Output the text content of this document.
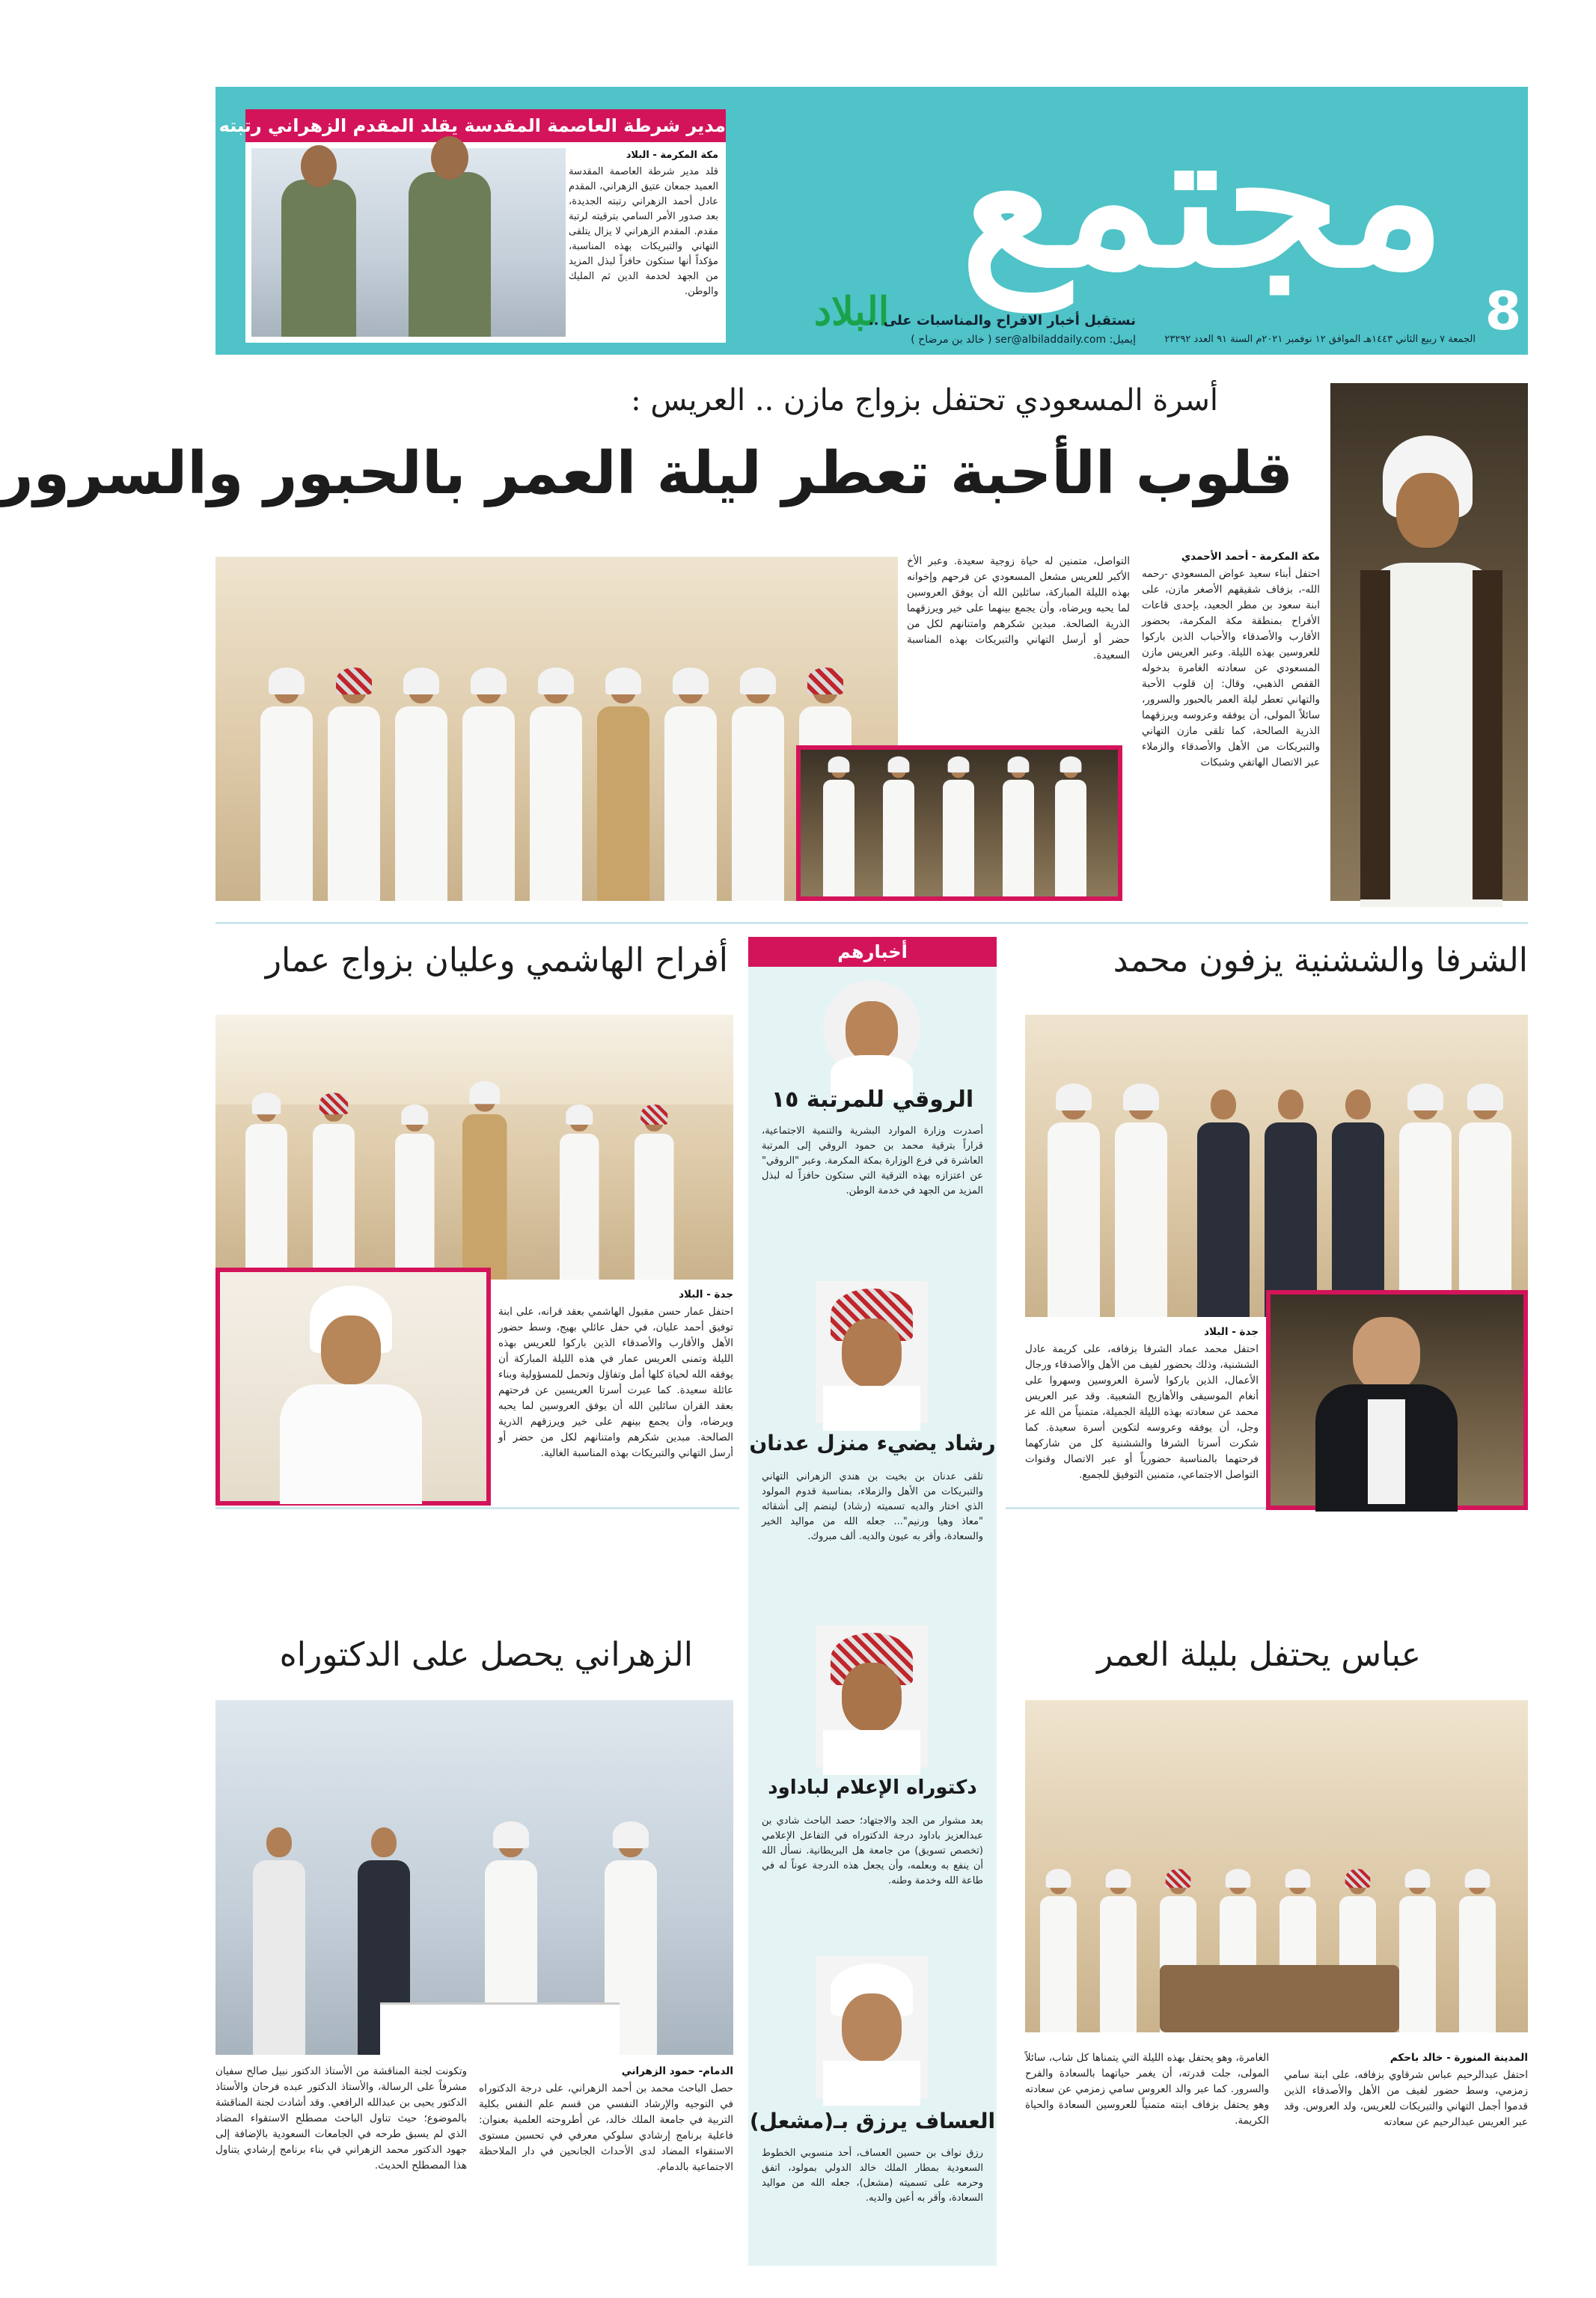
مجتمع
8
البلاد
نستقبل أخبار الافراح والمناسبات على ..
إيميل: ser@albiladdaily.com ( خالد بن مرضاح )	الجمعة ٧ ربيع الثاني ١٤٤٣هـ الموافق ١٢ نوفمبر ٢٠٢١م السنة ٩١ العدد ٢٣٢٩٢
مدير شرطة العاصمة المقدسة يقلد المقدم الزهراني رتبته الجديدة
مكة المكرمة - البلاد
قلد مدير شرطة العاصمة المقدسة العميد جمعان عتيق الزهراني، المقدم عادل أحمد الزهراني رتبته الجديدة، بعد صدور الأمر السامي بترقيته لرتبة مقدم. المقدم الزهراني لا يزال يتلقى التهاني والتبريكات بهذه المناسبة، مؤكداً أنها ستكون حافزاً لبذل المزيد من الجهد لخدمة الدين ثم المليك والوطن.
أسرة المسعودي تحتفل بزواج مازن .. العريس :
قلوب الأحبة تعطر ليلة العمر بالحبور والسرور
مكة المكرمة - أحمد الأحمدي
احتفل أبناء سعيد عواض المسعودي -رحمه الله-، بزفاف شقيقهم الأصغر مازن، على ابنة سعود بن مطر الجعيد، بإحدى قاعات الأفراح بمنطقة مكة المكرمة، بحضور الأقارب والأصدقاء والأحباب الذين باركوا للعروسين بهذه الليلة. وعبر العريس مازن المسعودي عن سعادته الغامرة بدخوله القفص الذهبي، وقال: إن قلوب الأحبة والتهاني تعطر ليلة العمر بالحبور والسرور، سائلاً المولى، أن يوفقه وعروسه ويرزقهما الذرية الصالحة، كما تلقى مازن التهاني والتبريكات من الأهل والأصدقاء والزملاء عبر الاتصال الهاتفي وشبكات
التواصل، متمنين له حياة زوجية سعيدة. وعبر الأخ الأكبر للعريس مشعل المسعودي عن فرحهم وإخوانه بهذه الليلة المباركة، سائلين الله أن يوفق العروسين لما يحبه ويرضاه، وأن يجمع بينهما على خير ويرزقهما الذرية الصالحة. مبدين شكرهم وامتنانهم لكل من حضر أو أرسل التهاني والتبريكات بهذه المناسبة السعيدة.
أخبارهم
الروقي للمرتبة ١٥
أصدرت وزارة الموارد البشرية والتنمية الاجتماعية، قراراً بترقية محمد بن حمود الروقي إلى المرتبة العاشرة في فرع الوزارة بمكة المكرمة. وعبر "الروقي" عن اعتزازه بهذه الترقية التي ستكون حافزاً له لبذل المزيد من الجهد في خدمة الوطن.
رشاد يضيء منزل عدنان
تلقى عدنان بن بخيت بن هندي الزهراني التهاني والتبريكات من الأهل والزملاء، بمناسبة قدوم المولود الذي اختار والديه تسميته (رشاد) لينضم إلى أشقائه "معاذ وهيا ورنيم"... جعله الله من مواليد الخير والسعادة، وأقر به عيون والديه. ألف مبروك.
دكتوراه الإعلام لباداود
بعد مشوار من الجد والاجتهاد؛ حصد الباحث شادي بن عبدالعزيز باداود درجة الدكتوراه في التفاعل الإعلامي (تخصص تسويق) من جامعة هل البريطانية. نسأل الله أن ينفع به وبعلمه، وأن يجعل هذه الدرجة عوناً له في طاعة الله وخدمة وطنه.
العساف يرزق بـ(مشعل)
رزق نواف بن حسين العساف، أحد منسوبي الخطوط السعودية بمطار الملك خالد الدولي بمولود، اتفق وحرمه على تسميته (مشعل)، جعله الله من مواليد السعادة، وأقر به أعين والديه.
الشرفا والششنية يزفون محمد
جدة - البلاد
احتفل محمد عماد الشرفا بزفافه، على كريمة عادل الششنية، وذلك بحضور لفيف من الأهل والأصدقاء ورجال الأعمال، الذين باركوا لأسرة العروسين وسهروا على أنغام الموسيقى والأهازيج الشعبية. وقد عبر العريس محمد عن سعادته بهذه الليلة الجميلة، متمنياً من الله عز وجل، أن يوفقه وعروسه لتكوين أسرة سعيدة. كما شكرت أسرتا الشرفا والششنية كل من شاركهما فرحتهما بالمناسبة حضورياً أو عبر الاتصال وقنوات التواصل الاجتماعي، متمنين التوفيق للجميع.
أفراح الهاشمي وعليان بزواج عمار
جدة - البلاد
احتفل عمار حسن مقبول الهاشمي بعقد قرانه، على ابنة توفيق أحمد عليان، في حفل عائلي بهيج، وسط حضور الأهل والأقارب والأصدقاء الذين باركوا للعريس بهذه الليلة وتمنى العريس عمار في هذه الليلة المباركة أن يوفقه الله لحياة كلها أمل وتفاؤل وتحمل للمسؤولية وبناء عائلة سعيدة. كما عبرت أسرتا العريسين عن فرحتهم بعقد القران سائلين الله أن يوفق العروسين لما يحبه ويرضاه، وأن يجمع بينهم على خير ويرزقهم الذرية الصالحة. مبدين شكرهم وامتنانهم لكل من حضر أو أرسل التهاني والتبريكات بهذه المناسبة الغالية.
عباس يحتفل بليلة العمر
المدينة المنورة - خالد باحكم
احتفل عبدالرحيم عباس شرقاوي بزفافه، على ابنة سامي زمزمي، وسط حضور لفيف من الأهل والأصدقاء الذين قدموا أجمل التهاني والتبريكات للعريس، ولد العروس. وقد عبر العريس عبدالرحيم عن سعادته
الغامرة، وهو يحتفل بهذه الليلة التي يتمناها كل شاب، سائلاً المولى، جلت قدرته، أن يغمر حياتهما بالسعادة والفرح والسرور. كما عبر والد العروس سامي زمزمي عن سعادته وهو يحتفل بزفاف ابنته متمنياً للعروسين السعادة والحياة الكريمة.
الزهراني يحصل على الدكتوراه
الدمام- حمود الزهراني
حصل الباحث محمد بن أحمد الزهراني، على درجة الدكتوراه في التوجيه والإرشاد النفسي من قسم علم النفس بكلية التربية في جامعة الملك خالد، عن أطروحته العلمية بعنوان: فاعلية برنامج إرشادي سلوكي معرفي في تحسين مستوى الاستقواء المضاد لدى الأحداث الجانحين في دار الملاحظة الاجتماعية بالدمام.
وتكونت لجنة المناقشة من الأستاذ الدكتور نبيل صالح سفيان مشرفاً على الرسالة، والأستاذ الدكتور عبده فرحان والأستاذ الدكتور يحيى بن عبدالله الرافعي. وقد أشادت لجنة المناقشة بالموضوع؛ حيث تناول الباحث مصطلح الاستقواء المضاد الذي لم يسبق طرحه في الجامعات السعودية بالإضافة إلى جهود الدكتور محمد الزهراني في بناء برنامج إرشادي يتناول هذا المصطلح الحديث.
